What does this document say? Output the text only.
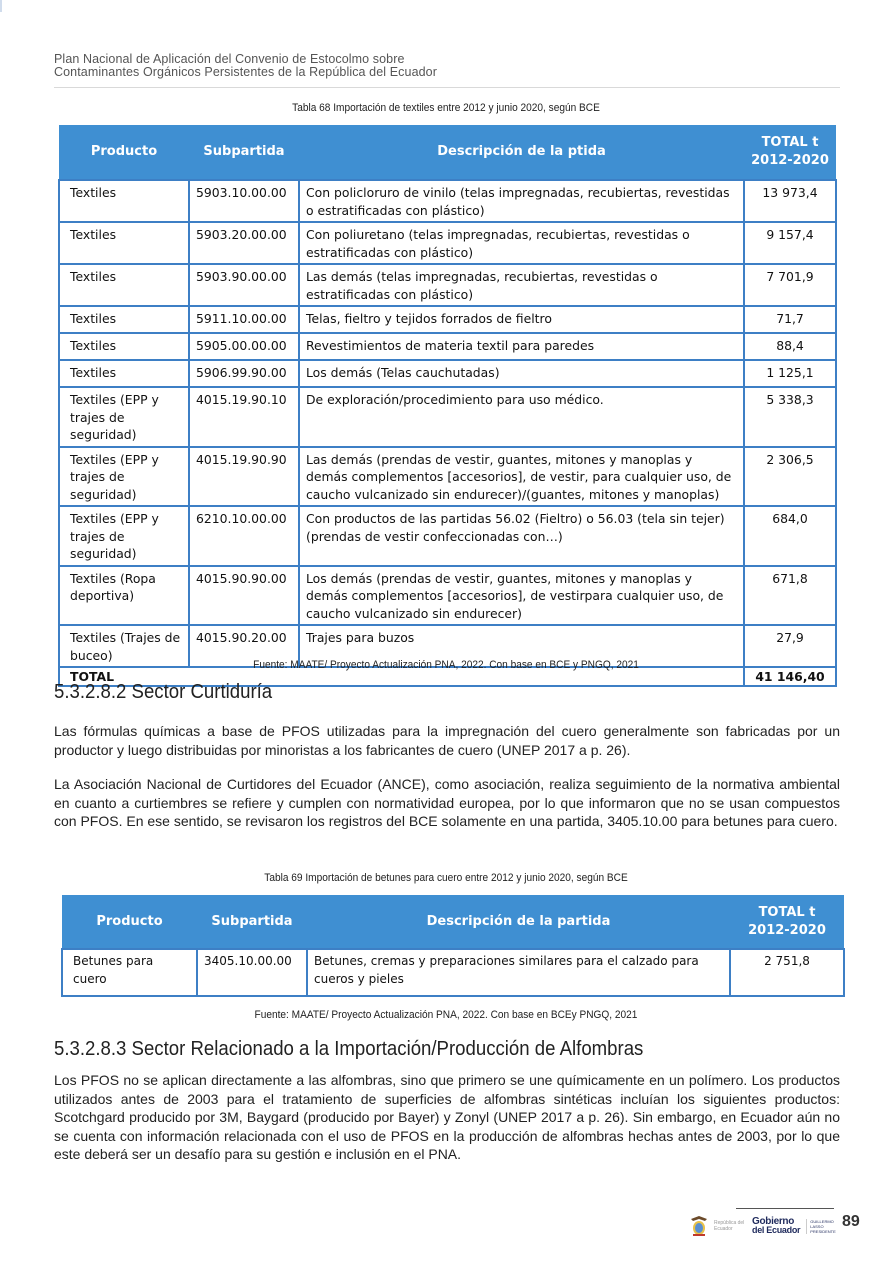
Plan Nacional de Aplicación del Convenio de Estocolmo sobre
Contaminantes Orgánicos Persistentes de la República del Ecuador
Tabla 68 Importación de textiles entre 2012 y junio 2020, según BCE
Producto	Subpartida	Descripción de la ptida	TOTAL t
2012-2020
Textiles	5903.10.00.00	Con policloruro de vinilo (telas impregnadas, recubiertas, revestidas o estratificadas con plástico)	13 973,4
Textiles	5903.20.00.00	Con poliuretano (telas impregnadas, recubiertas, revestidas o estratificadas con plástico)	9 157,4
Textiles	5903.90.00.00	Las demás (telas impregnadas, recubiertas, revestidas o estratificadas con plástico)	7 701,9
Textiles	5911.10.00.00	Telas, fieltro y tejidos forrados de fieltro	71,7
Textiles	5905.00.00.00	Revestimientos de materia textil para paredes	88,4
Textiles	5906.99.90.00	Los demás (Telas cauchutadas)	1 125,1
Textiles (EPP y trajes de seguridad)	4015.19.90.10	De exploración/procedimiento para uso médico.	5 338,3
Textiles (EPP y trajes de seguridad)	4015.19.90.90	Las demás (prendas de vestir, guantes, mitones y manoplas y demás complementos [accesorios], de vestir, para cualquier uso, de caucho vulcanizado sin endurecer)/(guantes, mitones y manoplas)	2 306,5
Textiles (EPP y trajes de seguridad)	6210.10.00.00	Con productos de las partidas 56.02 (Fieltro) o 56.03 (tela sin tejer) (prendas de vestir confeccionadas con…)	684,0
Textiles (Ropa deportiva)	4015.90.90.00	Los demás (prendas de vestir, guantes, mitones y manoplas y demás complementos [accesorios], de vestirpara cualquier uso, de caucho vulcanizado sin endurecer)	671,8
Textiles (Trajes de buceo)	4015.90.20.00	Trajes para buzos	27,9
TOTAL			41 146,40
Fuente: MAATE/ Proyecto Actualización PNA, 2022. Con base en BCE y PNGQ, 2021
5.3.2.8.2 Sector Curtiduría
Las fórmulas químicas a base de PFOS utilizadas para la impregnación del cuero generalmente son fabricadas por un productor y luego distribuidas por minoristas a los fabricantes de cuero (UNEP 2017 a p. 26).
La Asociación Nacional de Curtidores del Ecuador (ANCE), como asociación, realiza seguimiento de la normativa ambiental en cuanto a curtiembres se refiere y cumplen con normatividad europea, por lo que informaron que no se usan compuestos con PFOS. En ese sentido, se revisaron los registros del BCE solamente en una partida, 3405.10.00 para betunes para cuero.
Tabla 69 Importación de betunes para cuero entre 2012 y junio 2020, según BCE
Producto	Subpartida	Descripción de la partida	TOTAL t
2012-2020
Betunes para cuero	3405.10.00.00	Betunes, cremas y preparaciones similares para el calzado para cueros y pieles	2 751,8
Fuente: MAATE/ Proyecto Actualización PNA, 2022. Con base en BCEy PNGQ, 2021
5.3.2.8.3 Sector Relacionado a la Importación/Producción de Alfombras
Los PFOS no se aplican directamente a las alfombras, sino que primero se une químicamente en un polímero. Los productos utilizados antes de 2003 para el tratamiento de superficies de alfombras sintéticas incluían los siguientes productos: Scotchgard producido por 3M, Baygard (producido por Bayer) y Zonyl (UNEP 2017 a p. 26). Sin embargo, en Ecuador aún no se cuenta con información relacionada con el uso de PFOS en la producción de alfombras hechas antes de 2003, por lo que este deberá ser un desafío para su gestión e inclusión en el PNA.
República del Ecuador
Gobierno
del Ecuador
GUILLERMO LASSO PRESIDENTE
89
